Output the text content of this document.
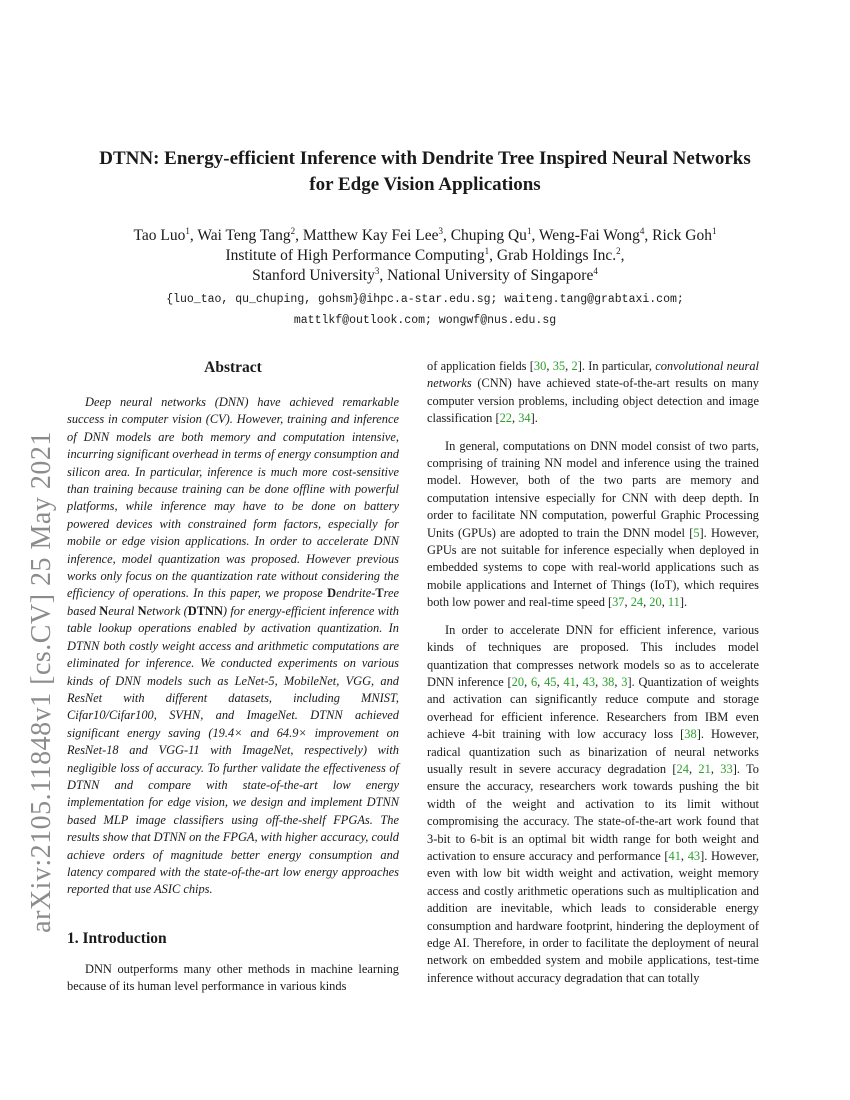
arXiv:2105.11848v1 [cs.CV] 25 May 2021
DTNN: Energy-efficient Inference with Dendrite Tree Inspired Neural Networks
for Edge Vision Applications
Tao Luo$^1$, Wai Teng Tang$^2$, Matthew Kay Fei Lee$^3$, Chuping Qu$^1$, Weng-Fai Wong$^4$, Rick Goh$^1$
Institute of High Performance Computing$^1$, Grab Holdings Inc.$^2$,
Stanford University$^3$, National University of Singapore$^4$
{luo_tao, qu_chuping, gohsm}@ihpc.a-star.edu.sg; waiteng.tang@grabtaxi.com;
mattlkf@outlook.com; wongwf@nus.edu.sg
Abstract

Deep neural networks (DNN) have achieved remarkable success in computer vision (CV). However, training and inference of DNN models are both memory and computation intensive, incurring significant overhead in terms of energy consumption and silicon area. In particular, inference is much more cost-sensitive than training because training can be done offline with powerful platforms, while inference may have to be done on battery powered devices with constrained form factors, especially for mobile or edge vision applications. In order to accelerate DNN inference, model quantization was proposed. However previous works only focus on the quantization rate without considering the efficiency of operations. In this paper, we propose Dendrite-Tree based Neural Network (DTNN) for energy-efficient inference with table lookup operations enabled by activation quantization. In DTNN both costly weight access and arithmetic computations are eliminated for inference. We conducted experiments on various kinds of DNN models such as LeNet-5, MobileNet, VGG, and ResNet with different datasets, including MNIST, Cifar10/Cifar100, SVHN, and ImageNet. DTNN achieved significant energy saving (19.4× and 64.9× improvement on ResNet-18 and VGG-11 with ImageNet, respectively) with negligible loss of accuracy. To further validate the effectiveness of DTNN and compare with state-of-the-art low energy implementation for edge vision, we design and implement DTNN based MLP image classifiers using off-the-shelf FPGAs. The results show that DTNN on the FPGA, with higher accuracy, could achieve orders of magnitude better energy consumption and latency compared with the state-of-the-art low energy approaches reported that use ASIC chips.

1. Introduction

DNN outperforms many other methods in machine learning because of its human level performance in various kinds

of application fields [30, 35, 2]. In particular, convolutional neural networks (CNN) have achieved state-of-the-art results on many computer version problems, including object detection and image classification [22, 34].

In general, computations on DNN model consist of two parts, comprising of training NN model and inference using the trained model. However, both of the two parts are memory and computation intensive especially for CNN with deep depth. In order to facilitate NN computation, powerful Graphic Processing Units (GPUs) are adopted to train the DNN model [5]. However, GPUs are not suitable for inference especially when deployed in embedded systems to cope with real-world applications such as mobile applications and Internet of Things (IoT), which requires both low power and real-time speed [37, 24, 20, 11].

In order to accelerate DNN for efficient inference, various kinds of techniques are proposed. This includes model quantization that compresses network models so as to accelerate DNN inference [20, 6, 45, 41, 43, 38, 3]. Quantization of weights and activation can significantly reduce compute and storage overhead for efficient inference. Researchers from IBM even achieve 4-bit training with low accuracy loss [38]. However, radical quantization such as binarization of neural networks usually result in severe accuracy degradation [24, 21, 33]. To ensure the accuracy, researchers work towards pushing the bit width of the weight and activation to its limit without compromising the accuracy. The state-of-the-art work found that 3-bit to 6-bit is an optimal bit width range for both weight and activation to ensure accuracy and performance [41, 43]. However, even with low bit width weight and activation, weight memory access and costly arithmetic operations such as multiplication and addition are inevitable, which leads to considerable energy consumption and hardware footprint, hindering the deployment of edge AI. Therefore, in order to facilitate the deployment of neural network on embedded system and mobile applications, test-time inference without accuracy degradation that can totally
